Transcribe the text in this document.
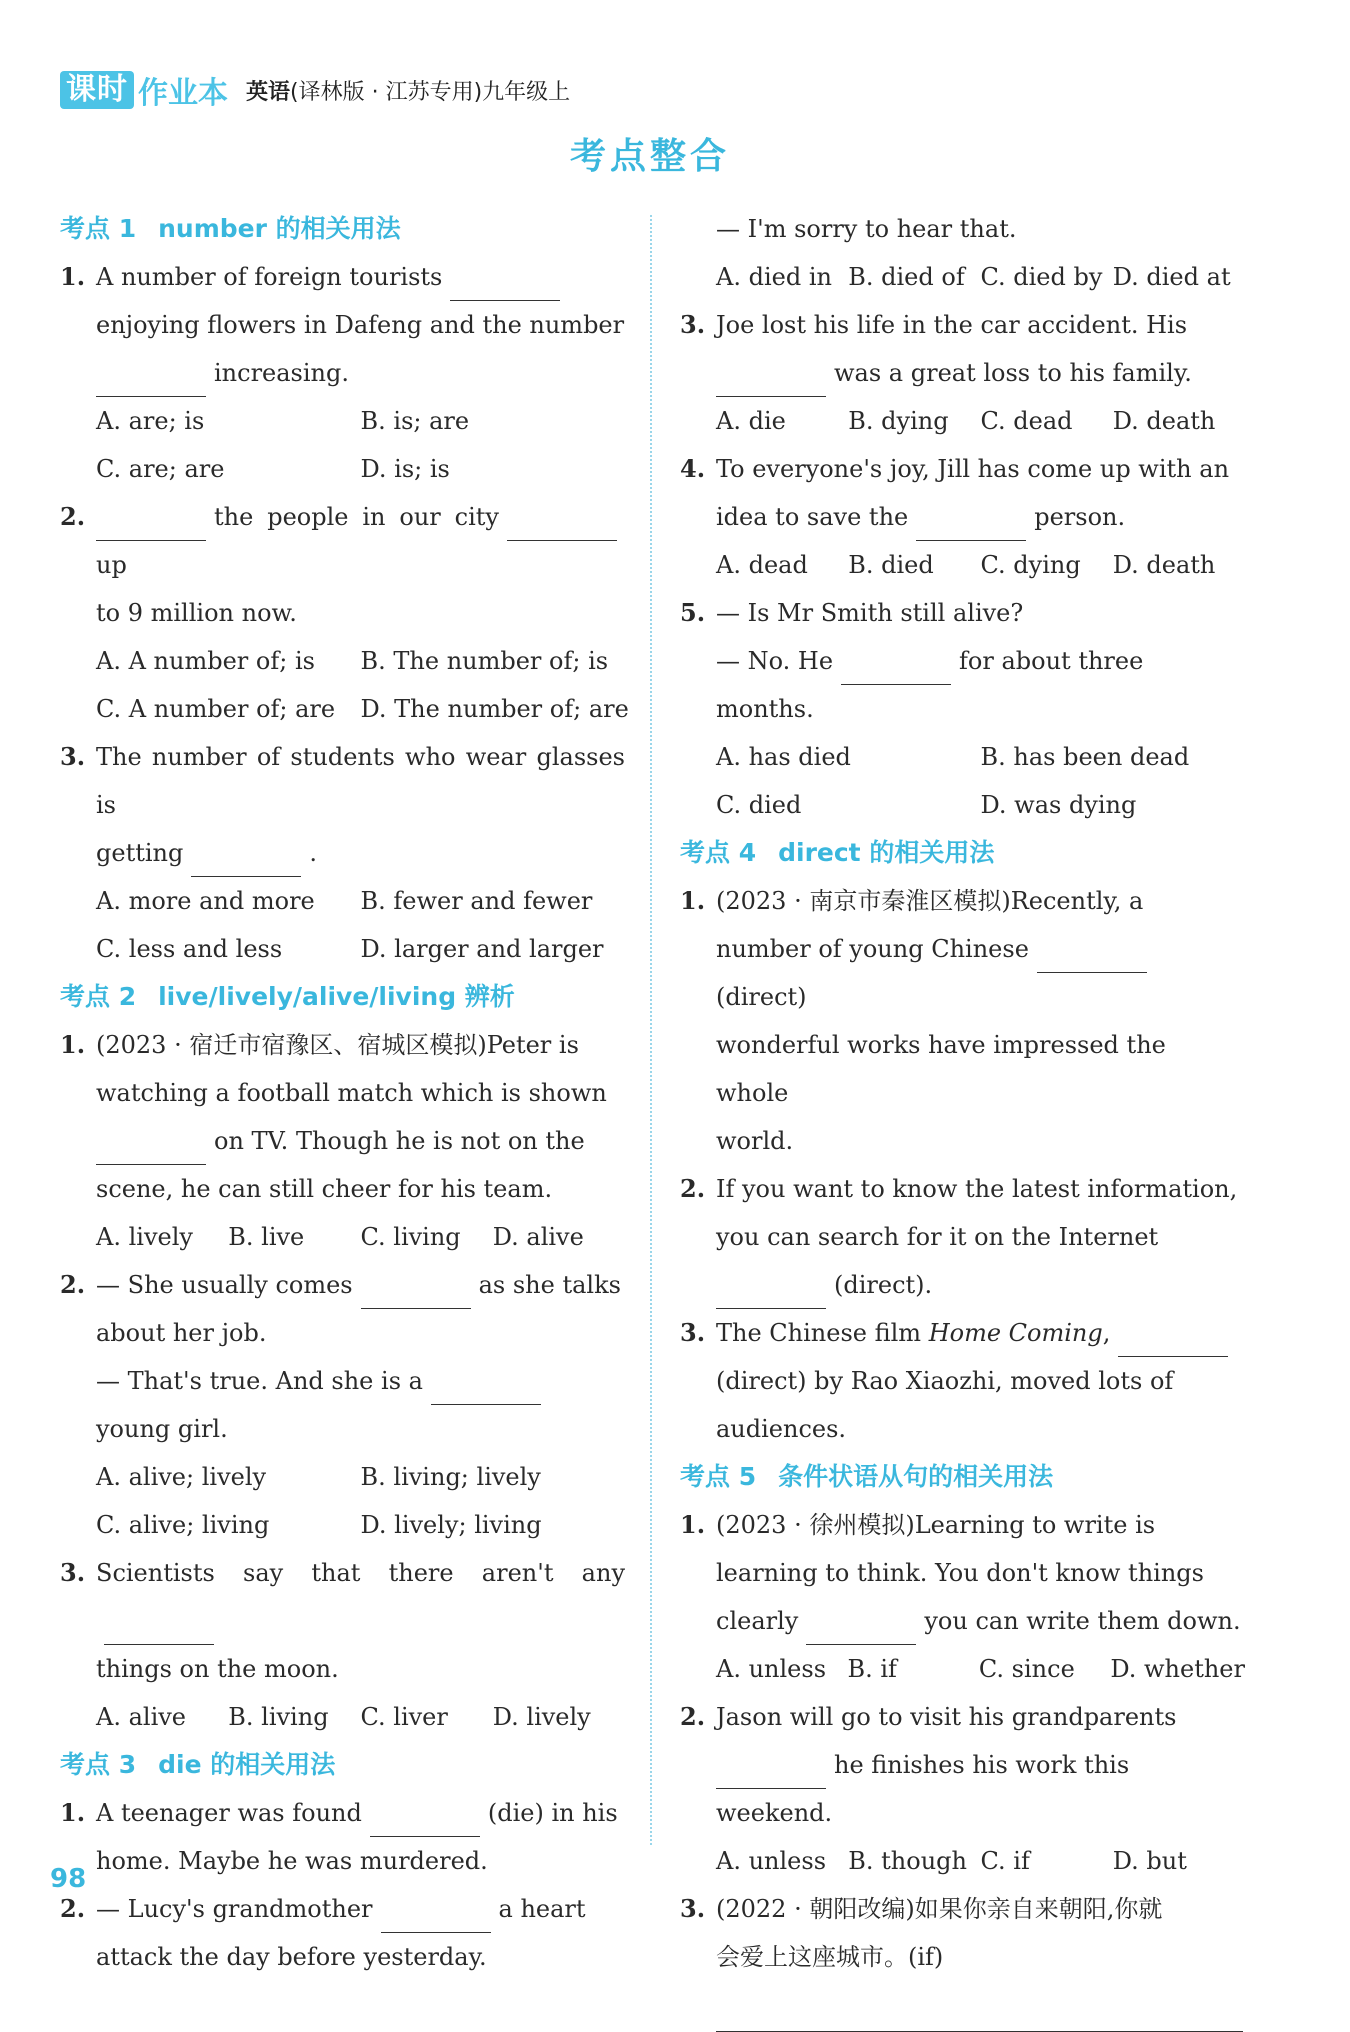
课时 作业本 英语(译林版 · 江苏专用)九年级上
考点整合
考点 1 number 的相关用法
1. A number of foreign tourists
enjoying flowers in Dafeng and the number
increasing.
A. are; is	B. is; are
C. are; are	D. is; is
2.	the people in our cityup
to 9 million now.
A. A number of; is	B. The number of; is
C. A number of; are	D. The number of; are
3. The number of students who wear glasses is
getting	.
A. more and more	B. fewer and fewer
C. less and less	D. larger and larger
考点 2 live/lively/alive/living 辨析
1. (2023 · 宿迁市宿豫区、宿城区模拟)Peter is
watching a football match which is shown
on TV. Though he is not on the
scene, he can still cheer for his team.
A. lively	B. live	C. living	D. alive
2. — She usually comes	as she talks
about her job.
— That's true. And she is a
young girl.
A. alive; lively	B. living; lively
C. alive; living	D. lively; living
3. Scientists say that there aren't any
things on the moon.
A. alive	B. living	C. liver	D. lively
考点 3 die 的相关用法
1. A teenager was found	(die) in his
home. Maybe he was murdered.
2. — Lucy's grandmother	a heart
attack the day before yesterday.
— I'm sorry to hear that.
A. died in B. died of C. died by D. died at
3. Joe lost his life in the car accident. His
was a great loss to his family.
A. die	B. dying	C. dead	D. death
4. To everyone's joy, Jill has come up with an
idea to save the	person.
A. dead	B. died	C. dying	D. death
5. — Is Mr Smith still alive?
— No. He	for about three months.
A. has died	B. has been dead
C. died	D. was dying
考点 4 direct 的相关用法
1. (2023 · 南京市秦淮区模拟)Recently, a
number of young Chinese(direct)
wonderful works have impressed the whole
world.
2. If you want to know the latest information,
you can search for it on the Internet
(direct).
3. The Chinese film Home Coming,
(direct) by Rao Xiaozhi, moved lots of
audiences.
考点 5 条件状语从句的相关用法
1. (2023 · 徐州模拟)Learning to write is
learning to think. You don't know things
clearly	you can write them down.
A. unless B. if	C. since	D. whether
2. Jason will go to visit his grandparents
he finishes his work this weekend.
A. unless B. though C. if	D. but
3. (2022 · 朝阳改编)如果你亲自来朝阳,你就
会爱上这座城市。(if)
98
